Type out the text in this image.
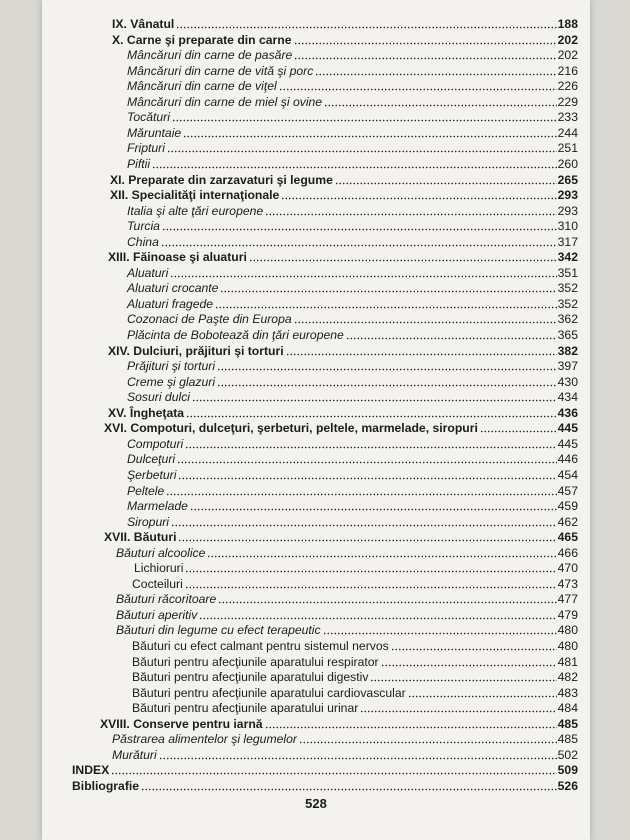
IX. Vânatul	188
X. Carne şi preparate din carne	202
Mâncăruri din carne de pasăre	202
Mâncăruri din carne de vită şi porc	216
Mâncăruri din carne de viţel	226
Mâncăruri din carne de miel şi ovine	229
Tocături	233
Măruntaie	244
Fripturi	251
Piftii	260
XI. Preparate din zarzavaturi şi legume	265
XII. Specialităţi internaţionale	293
Italia şi alte ţări europene	293
Turcia	310
China	317
XIII. Făinoase şi aluaturi	342
Aluaturi	351
Aluaturi crocante	352
Aluaturi fragede	352
Cozonaci de Paşte din Europa	362
Plăcinta de Bobotează din ţări europene	365
XIV. Dulciuri, prăjituri şi torturi	382
Prăjituri şi torturi	397
Creme şi glazuri	430
Sosuri dulci	434
XV. Îngheţata	436
XVI. Compoturi, dulceţuri, şerbeturi, peltele, marmelade, siropuri	445
Compoturi	445
Dulceţuri	446
Şerbeturi	454
Peltele	457
Marmelade	459
Siropuri	462
XVII. Băuturi	465
Băuturi alcoolice	466
Lichioruri	470
Cocteiluri	473
Băuturi răcoritoare	477
Băuturi aperitiv	479
Băuturi din legume cu efect terapeutic	480
Băuturi cu efect calmant pentru sistemul nervos	480
Băuturi pentru afecţiunile aparatului respirator	481
Băuturi pentru afecţiunile aparatului digestiv	482
Băuturi pentru afecţiunile aparatului cardiovascular	483
Băuturi pentru afecţiunile aparatului urinar	484
XVIII. Conserve pentru iarnă	485
Păstrarea alimentelor şi legumelor	485
Murături	502
INDEX	509
Bibliografie	526
528
